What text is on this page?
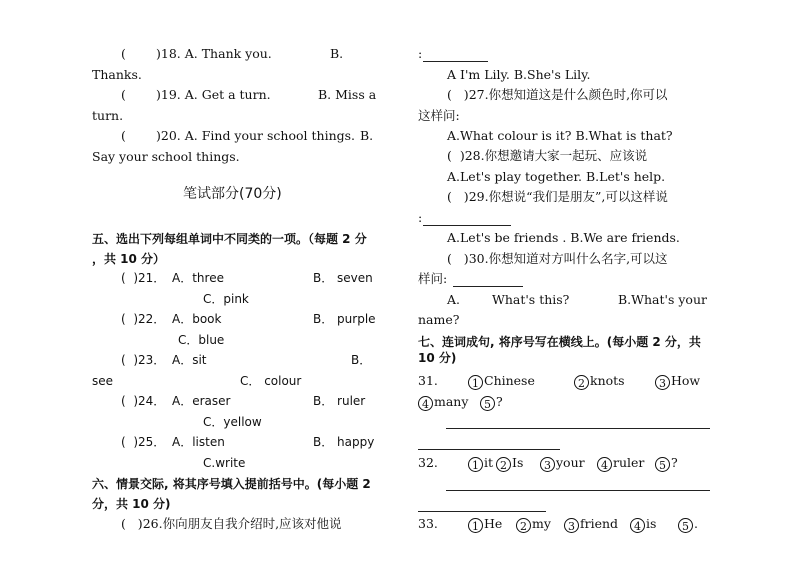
( )18. A. Thank you.	B.
Thanks.
( )19. A. Get a turn.	B. Miss a
turn.
( )20. A. Find your school things. B.
Say your school things.
笔试部分(70分)
五、选出下列每组单词中不同类的一项。（每题 2 分
，共 10 分）
(  )21． A．three	B． seven
C．pink
(  )22． A．book	B． purple
C．blue
(  )23． A．sit	B．
see	C． colour
(  )24． A．eraser	B． ruler
C．yellow
(  )25． A．listen	B． happy
C.write
六、情景交际, 将其序号填入提前括号中。(每小题 2
分，共 10 分)
(   )26.你向朋友自我介绍时,应该对他说
:
A I'm Lily. B.She's Lily.
(   )27.你想知道这是什么颜色时,你可以
这样问:
A.What colour is it? B.What is that?
(  )28.你想邀请大家一起玩、应该说
A.Let's play together. B.Let's help.
(   )29.你想说“我们是朋友”,可以这样说
:
A.Let's be friends . B.We are friends.
(   )30.你想知道对方叫什么名字,可以这
样问:
A.	What's this?	B.What's your
name?
七、连词成句, 将序号写在横线上。(每小题 2 分，共
10 分)
31.	1 Chinese	2 knots	3 How
4 many	5 ?
32.	1 it 2 Is	3 your	4 ruler	5 ?
33.	1 He	2 my	3 friend	4 is	5 .
